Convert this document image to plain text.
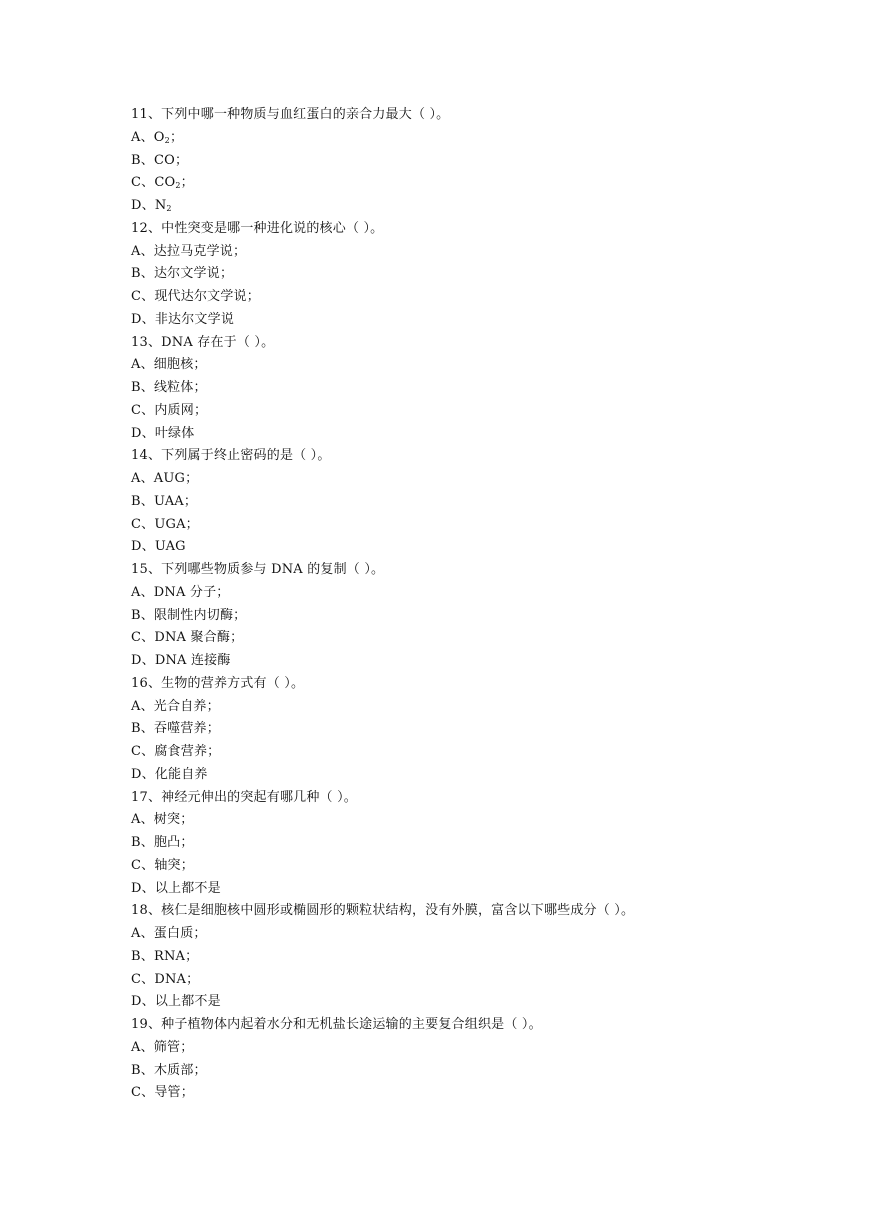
11、下列中哪一种物质与血红蛋白的亲合力最大（ ）。
A、$O_2$；
B、CO；
C、$CO_2$；
D、$N_2$
12、中性突变是哪一种进化说的核心（ ）。
A、达拉马克学说；
B、达尔文学说；
C、现代达尔文学说；
D、非达尔文学说
13、DNA 存在于（ ）。
A、细胞核；
B、线粒体；
C、内质网；
D、叶绿体
14、下列属于终止密码的是（ ）。
A、AUG；
B、UAA；
C、UGA；
D、UAG
15、下列哪些物质参与 DNA 的复制（ ）。
A、DNA 分子；
B、限制性内切酶；
C、DNA 聚合酶；
D、DNA 连接酶
16、生物的营养方式有（ ）。
A、光合自养；
B、吞噬营养；
C、腐食营养；
D、化能自养
17、神经元伸出的突起有哪几种（ ）。
A、树突；
B、胞凸；
C、轴突；
D、以上都不是
18、核仁是细胞核中圆形或椭圆形的颗粒状结构，没有外膜，富含以下哪些成分（ ）。
A、蛋白质；
B、RNA；
C、DNA；
D、以上都不是
19、种子植物体内起着水分和无机盐长途运输的主要复合组织是（ ）。
A、筛管；
B、木质部；
C、导管；
